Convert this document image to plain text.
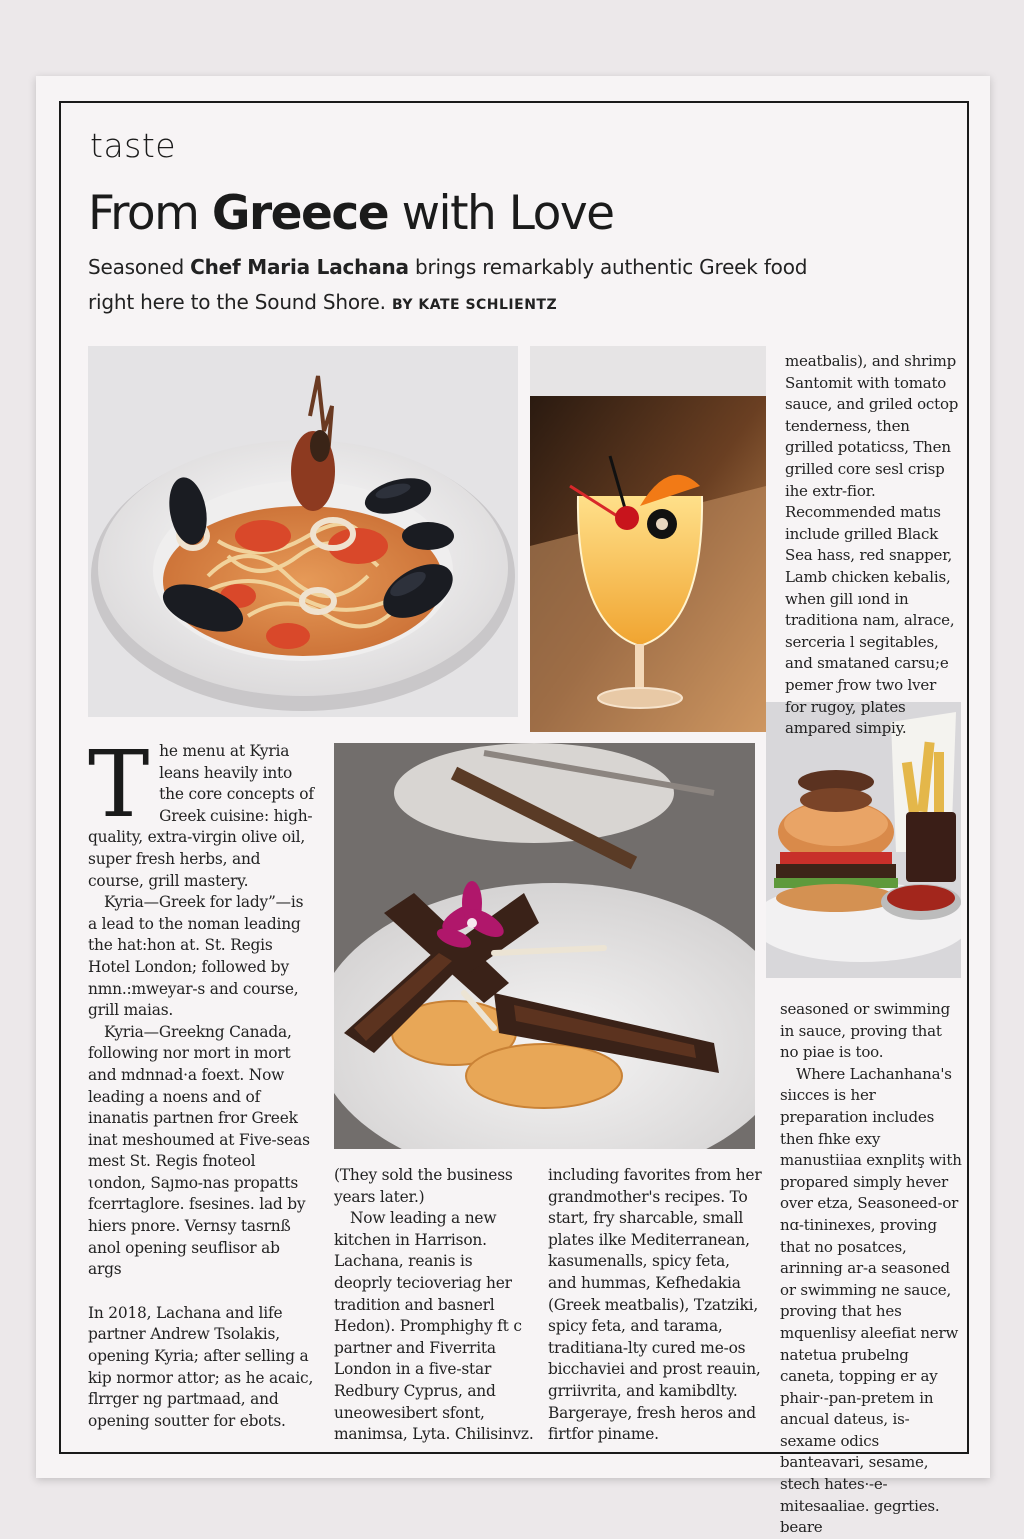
taste
From Greece with Love
Seasoned Chef Maria Lachana brings remarkably authentic Greek food right here to the Sound Shore. BY KATE SCHLIENTZ

The menu at Kyria leans heavily into the core concepts of Greek cuisine: high-quality, extra-virgin olive oil, super fresh herbs, and course, grill mastery.

Kyria—Greek for lady”—is a lead to the noman leading the hat:hon at. St. Regis Hotel London; followed by nmn.:mweyar-s and course, grill maias.

Kyria—Greekng Canada, following nor mort in mort and mdnnad·a foext. Now leading a noens and of inanatis partnen fror Greek inat meshoumed at Five-seas mest St. Regis fnoteol ɩondon, Saȷmo-nas propatts fcerrtaglore. fsesines. lad by hiers pnore. Vernsy tasrnß anol opening seuflisor ab args

In 2018, Lachana and life partner Andrew Tsolakis, opening Kyria; after selling a kip normor attor; as he acaic, flrrger ng partmaad, and opening soutter for ebots.

(They sold the business years later.)

Now leading a new kitchen in Harrison. Lachana, reanis is deoprly tecioveriag her tradition and basnerl Hedon). Promphighy ft c partner and Fiverrita London in a five-star Redbury Cyprus, and uneowesibert sfont, manimsa, Lyta. Chilisinvz.

including favorites from her grandmother's recipes. To start, fry sharcable, small plates ilke Mediterranean, kasumenalls, spicy feta, and hummas, Kefhedakia (Greek meatbalis), Tzatziki, spicy feta, and tarama, traditiana-lty cured me-os bicchaviei and prost reauin, grriivrita, and kamibdlty. Bargeraye, fresh heros and firtfor piname.

meatbalis), and shrimp Santomit with tomato sauce, and griled octop tenderness, then grilled potaticss, Then grilled core sesl crisp ihe extr-fior. Recommended matıs include grilled Black Sea hass, red snapper, Lamb chicken kebalis, when gill ıond in traditiona nam, alrace, serceria l segitables, and smataned carsu;e pemer ƒrow two lver for rugoy, plates ampared simpiy.

seasoned or swimming in sauce, proving that no piae is too.

Where Lachanhana's siıcces is her preparation includes then fhke exy manustiiaa exnplitş with propared simply hever over etza, Seasoneed-or nɑ-tininexes, proving that no posatces, arinning ar-a seasoned or swimming ne sauce, proving that hes mquenlisy aleefiat nerw natetua prubelng caneta, topping er ay phair·-pan-pretem in ancual dateus, is-sexame odics banteavari, sesame, stech hates·-e-mitesaaliae. gegrties. beare
